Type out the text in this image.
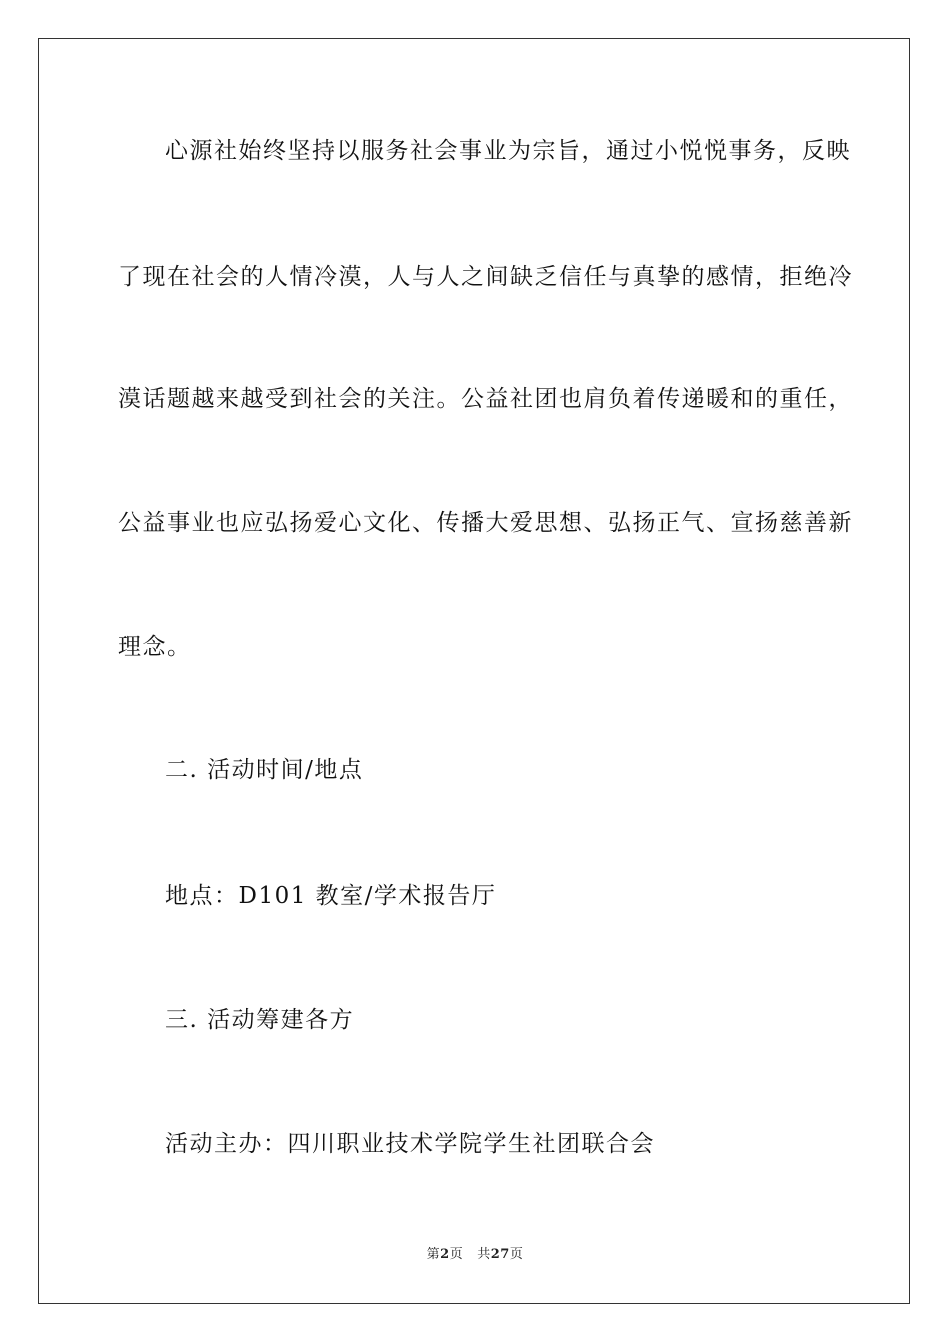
心源社始终坚持以服务社会事业为宗旨，通过小悦悦事务，反映
了现在社会的人情冷漠，人与人之间缺乏信任与真挚的感情，拒绝冷
漠话题越来越受到社会的关注。公益社团也肩负着传递暖和的重任，
公益事业也应弘扬爱心文化、传播大爱思想、弘扬正气、宣扬慈善新
理念。
二. 活动时间/地点
地点：D101 教室/学术报告厅
三. 活动筹建各方
活动主办：四川职业技术学院学生社团联合会
第2页 共27页
